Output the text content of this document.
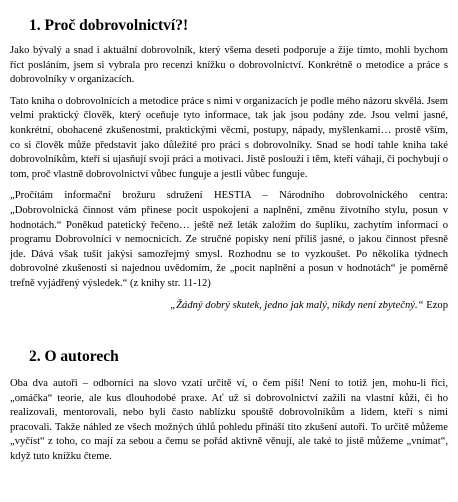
1. Proč dobrovolnictví?!

Jako bývalý a snad i aktuální dobrovolník, který všema deseti podporuje a žije tímto, mohli bychom říct posláním, jsem si vybrala pro recenzi knížku o dobrovolnictví. Konkrétně o metodice a práce s dobrovolníky v organizacích.

Tato kniha o dobrovolnících a metodice práce s nimi v organizacích je podle mého názoru skvělá. Jsem velmi praktický člověk, který oceňuje tyto informace, tak jak jsou podány zde. Jsou velmi jasné, konkrétní, obohacené zkušenostmi, praktickými věcmi, postupy, nápady, myšlenkami… prostě vším, co si člověk může představit jako důležité pro práci s dobrovolníky. Snad se hodí tahle kniha také dobrovolníkům, kteří si ujasňují svoji práci a motivaci. Jistě poslouží i těm, kteří váhají, či pochybují o tom, proč vlastně dobrovolnictví vůbec funguje a jestli vůbec funguje.

„Pročítám informační brožuru sdružení HESTIA – Národního dobrovolnického centra: „Dobrovolnická činnost vám přinese pocit uspokojení a naplnění, změnu životního stylu, posun v hodnotách.“ Poněkud patetický řečeno… ještě než leták založím do šuplíku, zachytím informaci o programu Dobrovolníci v nemocnicích. Ze stručné popisky není příliš jasné, o jakou činnost přesně jde. Dává však tušit jakýsi samozřejmý smysl. Rozhodnu se to vyzkoušet. Po několika týdnech dobrovolné zkušenosti si najednou uvědomím, že „pocit naplnění a posun v hodnotách“ je poměrně trefně vyjádřený výsledek.“ (z knihy str. 11-12)

„Žádný dobrý skutek, jedno jak malý, nikdy není zbytečný.“ Ezop

2. O autorech

Oba dva autoři – odborníci na slovo vzatí určitě ví, o čem píší! Není to totiž jen, mohu-li říci, „omáčka“ teorie, ale kus dlouhodobé praxe. Ať už si dobrovolnictví zažili na vlastní kůži, či ho realizovali, mentorovali, nebo byli často nablízku spouště dobrovolníkům a lidem, kteří s nimi pracovali. Takže náhled ze všech možných úhlů pohledu přináší tito zkušení autoři. To určitě můžeme „vyčíst“ z toho, co mají za sebou a čemu se pořád aktivně věnují, ale také to jistě můžeme „vnímat“, když tuto knížku čteme.
